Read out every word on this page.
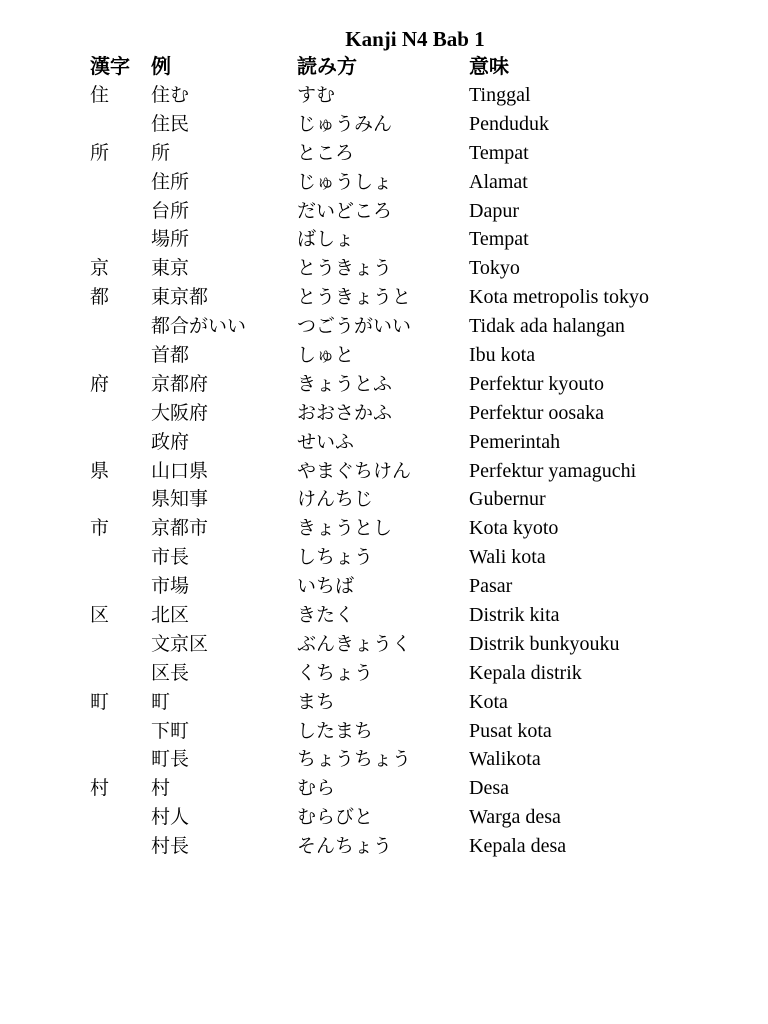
Kanji N4 Bab 1
漢字 例	読み方	意味
住 住む	すむ	Tinggal
住民	じゅうみん	Penduduk
所 所	ところ	Tempat
住所	じゅうしょ	Alamat
台所	だいどころ	Dapur
場所	ばしょ	Tempat
京 東京	とうきょう	Tokyo
都 東京都	とうきょうと	Kota metropolis tokyo
都合がいい	つごうがいい	Tidak ada halangan
首都	しゅと	Ibu kota
府 京都府	きょうとふ	Perfektur kyouto
大阪府	おおさかふ	Perfektur oosaka
政府	せいふ	Pemerintah
県 山口県	やまぐちけん	Perfektur yamaguchi
県知事	けんちじ	Gubernur
市 京都市	きょうとし	Kota kyoto
市長	しちょう	Wali kota
市場	いちば	Pasar
区 北区	きたく	Distrik kita
文京区	ぶんきょうく	Distrik bunkyouku
区長	くちょう	Kepala distrik
町 町	まち	Kota
下町	したまち	Pusat kota
町長	ちょうちょう	Walikota
村 村	むら	Desa
村人	むらびと	Warga desa
村長	そんちょう	Kepala desa
